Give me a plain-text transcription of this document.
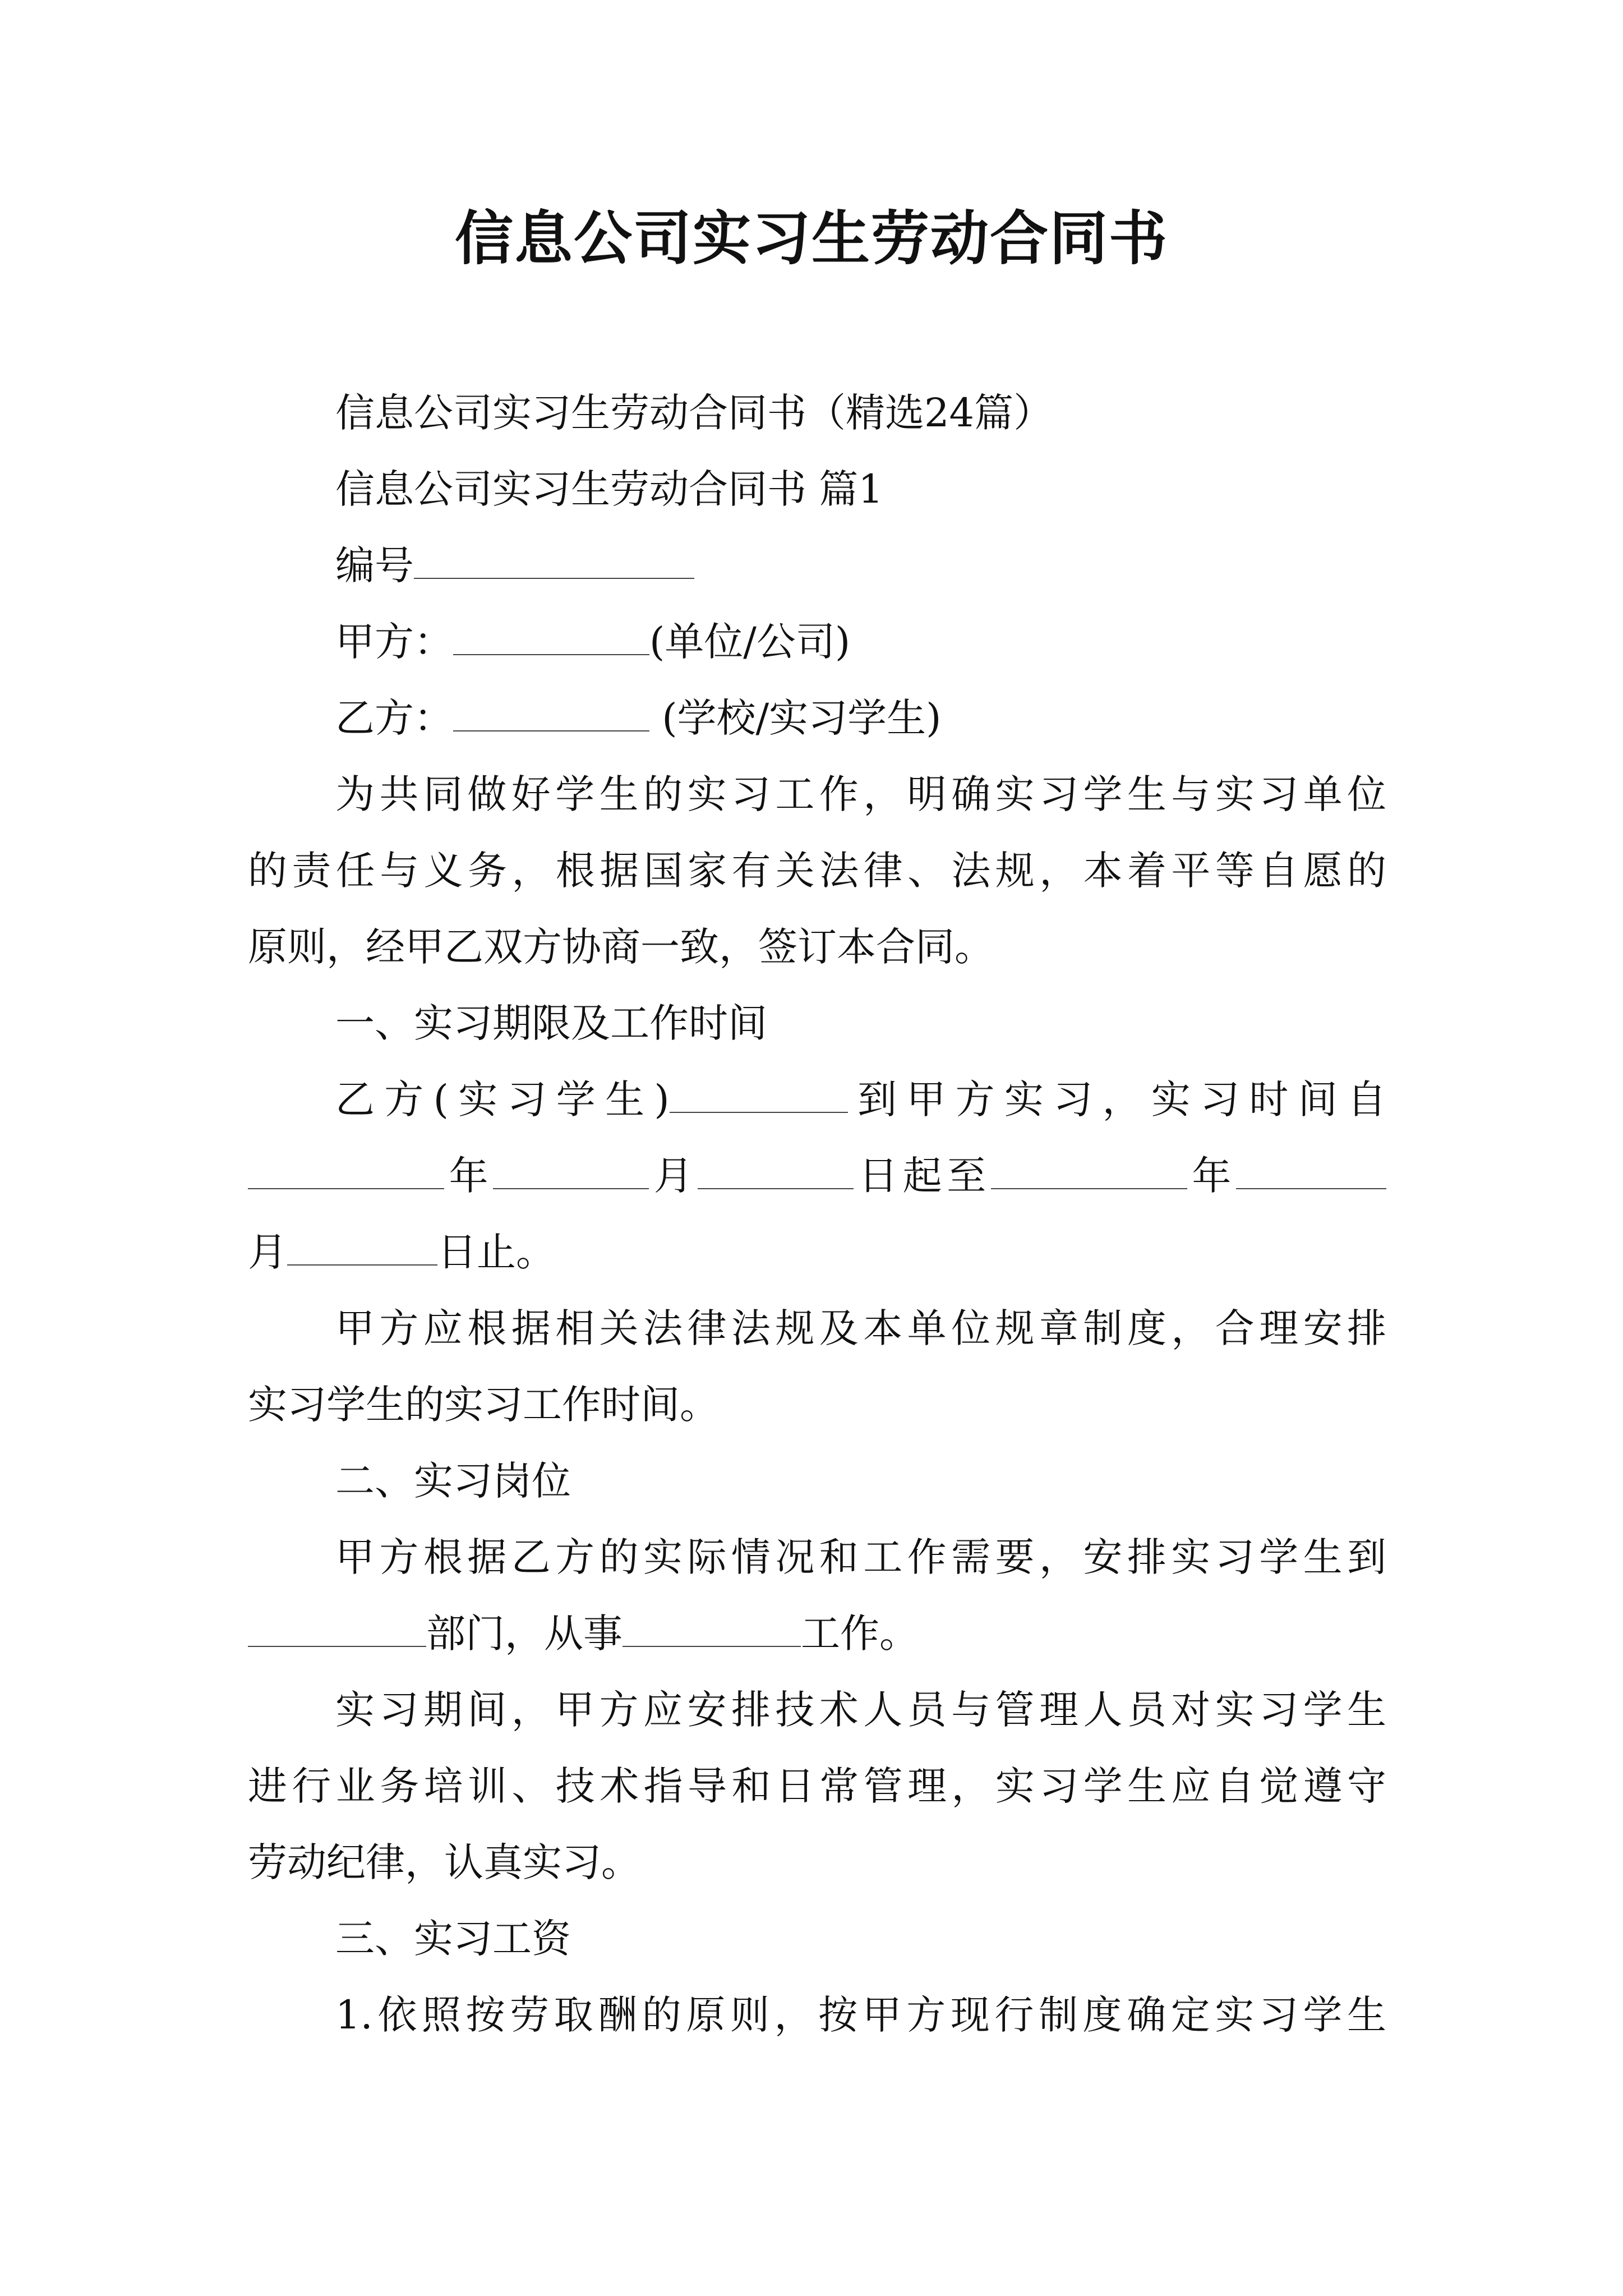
信息公司实习生劳动合同书
信息公司实习生劳动合同书（精选24篇）
信息公司实习生劳动合同书 篇1
编号
甲方：	(单位/公司)
乙方：	(学校/实习学生)
为共同做好学生的实习工作，明确实习学生与实习单位
的责任与义务，根据国家有关法律、法规，本着平等自愿的
原则，经甲乙双方协商一致，签订本合同。
一、实习期限及工作时间
乙方(实习学生)	到甲方实习，实习时间自
年	月	日起至	年
月	日止。
甲方应根据相关法律法规及本单位规章制度，合理安排
实习学生的实习工作时间。
二、实习岗位
甲方根据乙方的实际情况和工作需要，安排实习学生到
部门，从事	工作。
实习期间，甲方应安排技术人员与管理人员对实习学生
进行业务培训、技术指导和日常管理，实习学生应自觉遵守
劳动纪律，认真实习。
三、实习工资
1.依照按劳取酬的原则，按甲方现行制度确定实习学生
